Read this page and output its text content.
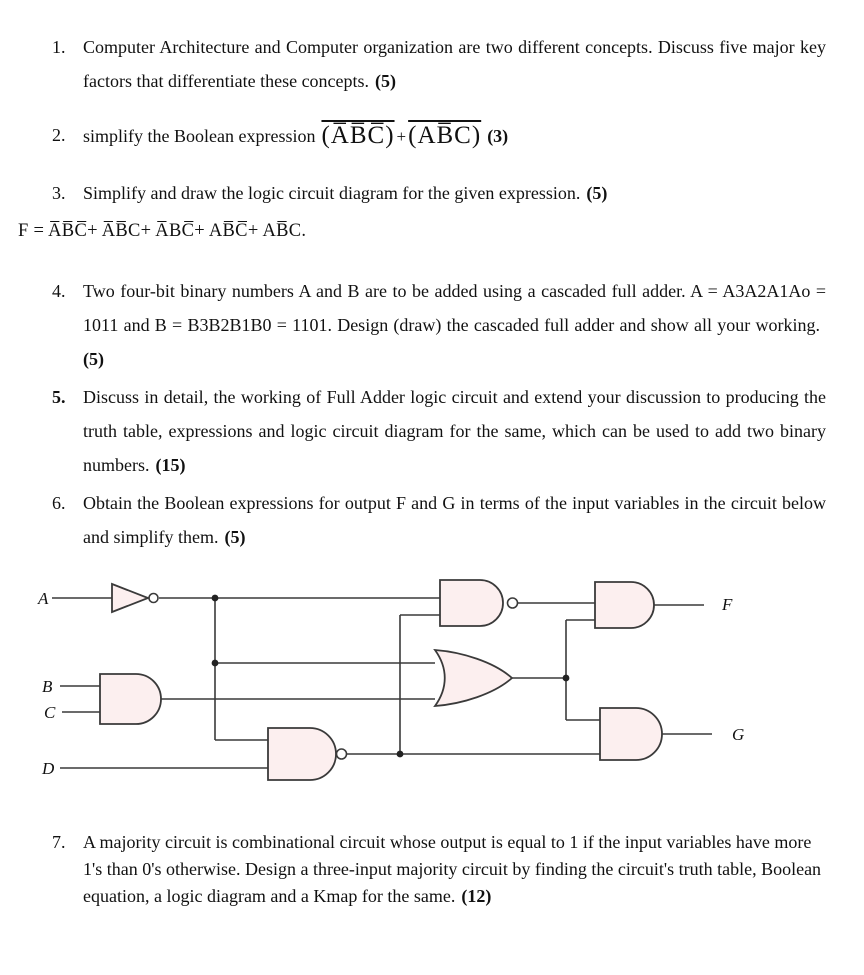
1. Computer Architecture and Computer organization are two different concepts. Discuss five major key factors that differentiate these concepts. (5)
2. simplify the Boolean expression (A̅B̅C̅) +(AB̅C) (3)
3. Simplify and draw the logic circuit diagram for the given expression. (5)
F = A̅B̅C̅+ A̅B̅C+ A̅BC̅+ AB̅C̅+ AB̅C.
4. Two four-bit binary numbers A and B are to be added using a cascaded full adder. A = A3A2A1Ao = 1011 and B = B3B2B1B0 = 1101. Design (draw) the cascaded full adder and show all your working.(5)
5. Discuss in detail, the working of Full Adder logic circuit and extend your discussion to producing the truth table, expressions and logic circuit diagram for the same, which can be used to add two binary numbers. (15)
6. Obtain the Boolean expressions for output F and G in terms of the input variables in the circuit below and simplify them. (5)
A
B
C
D
F
G
7. A majority circuit is combinational circuit whose output is equal to 1 if the input variables have more 1's than 0's otherwise. Design a three-input majority circuit by finding the circuit's truth table, Boolean equation, a logic diagram and a Kmap for the same. (12)
